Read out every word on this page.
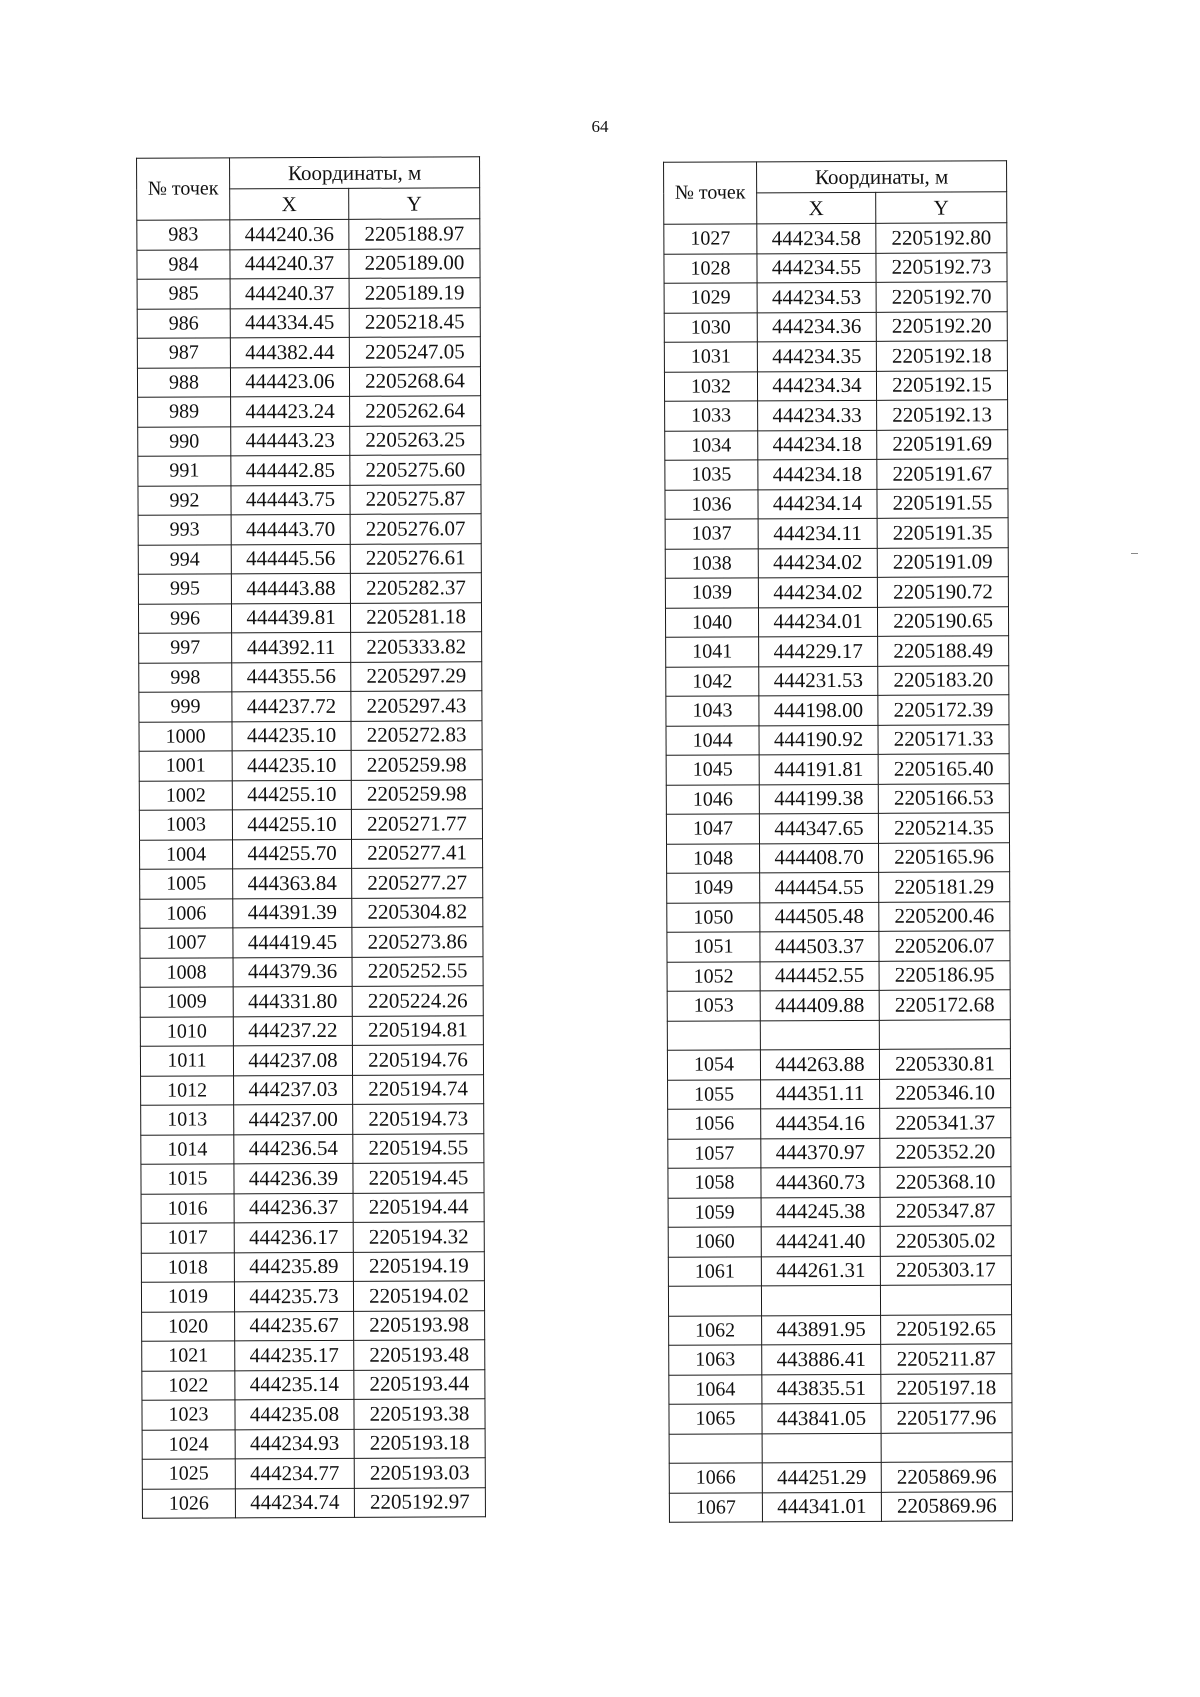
64
№ точек	Координаты, м	
	X	Y
983	444240.36	2205188.97
984	444240.37	2205189.00
985	444240.37	2205189.19
986	444334.45	2205218.45
987	444382.44	2205247.05
988	444423.06	2205268.64
989	444423.24	2205262.64
990	444443.23	2205263.25
991	444442.85	2205275.60
992	444443.75	2205275.87
993	444443.70	2205276.07
994	444445.56	2205276.61
995	444443.88	2205282.37
996	444439.81	2205281.18
997	444392.11	2205333.82
998	444355.56	2205297.29
999	444237.72	2205297.43
1000	444235.10	2205272.83
1001	444235.10	2205259.98
1002	444255.10	2205259.98
1003	444255.10	2205271.77
1004	444255.70	2205277.41
1005	444363.84	2205277.27
1006	444391.39	2205304.82
1007	444419.45	2205273.86
1008	444379.36	2205252.55
1009	444331.80	2205224.26
1010	444237.22	2205194.81
1011	444237.08	2205194.76
1012	444237.03	2205194.74
1013	444237.00	2205194.73
1014	444236.54	2205194.55
1015	444236.39	2205194.45
1016	444236.37	2205194.44
1017	444236.17	2205194.32
1018	444235.89	2205194.19
1019	444235.73	2205194.02
1020	444235.67	2205193.98
1021	444235.17	2205193.48
1022	444235.14	2205193.44
1023	444235.08	2205193.38
1024	444234.93	2205193.18
1025	444234.77	2205193.03
1026	444234.74	2205192.97
№ точек	Координаты, м	
	X	Y
1027	444234.58	2205192.80
1028	444234.55	2205192.73
1029	444234.53	2205192.70
1030	444234.36	2205192.20
1031	444234.35	2205192.18
1032	444234.34	2205192.15
1033	444234.33	2205192.13
1034	444234.18	2205191.69
1035	444234.18	2205191.67
1036	444234.14	2205191.55
1037	444234.11	2205191.35
1038	444234.02	2205191.09
1039	444234.02	2205190.72
1040	444234.01	2205190.65
1041	444229.17	2205188.49
1042	444231.53	2205183.20
1043	444198.00	2205172.39
1044	444190.92	2205171.33
1045	444191.81	2205165.40
1046	444199.38	2205166.53
1047	444347.65	2205214.35
1048	444408.70	2205165.96
1049	444454.55	2205181.29
1050	444505.48	2205200.46
1051	444503.37	2205206.07
1052	444452.55	2205186.95
1053	444409.88	2205172.68

1054	444263.88	2205330.81
1055	444351.11	2205346.10
1056	444354.16	2205341.37
1057	444370.97	2205352.20
1058	444360.73	2205368.10
1059	444245.38	2205347.87
1060	444241.40	2205305.02
1061	444261.31	2205303.17

1062	443891.95	2205192.65
1063	443886.41	2205211.87
1064	443835.51	2205197.18
1065	443841.05	2205177.96

1066	444251.29	2205869.96
1067	444341.01	2205869.96
